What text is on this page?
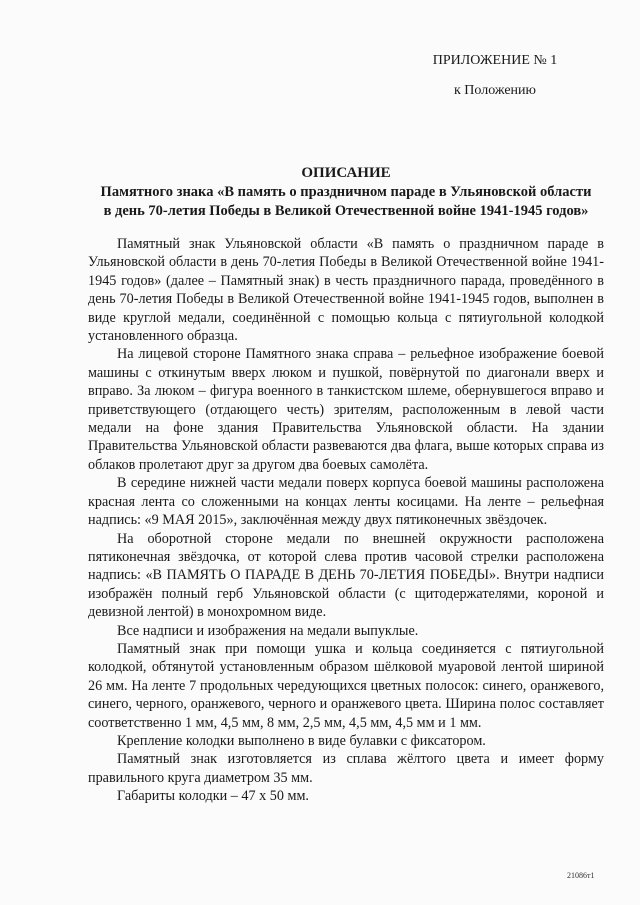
ПРИЛОЖЕНИЕ № 1
к Положению
ОПИСАНИЕ
Памятного знака «В память о праздничном параде в Ульяновской области
в день 70-летия Победы в Великой Отечественной войне 1941-1945 годов»

Памятный знак Ульяновской области «В память о праздничном параде в Ульяновской области в день 70-летия Победы в Великой Отечественной войне 1941-1945 годов» (далее – Памятный знак) в честь праздничного парада, проведённого в день 70-летия Победы в Великой Отечественной войне 1941-1945 годов, выполнен в виде круглой медали, соединённой с помощью кольца с пятиугольной колодкой установленного образца.

На лицевой стороне Памятного знака справа – рельефное изображение боевой машины с откинутым вверх люком и пушкой, повёрнутой по диагонали вверх и вправо. За люком – фигура военного в танкистском шлеме, обернувшегося вправо и приветствующего (отдающего честь) зрителям, расположенным в левой части медали на фоне здания Правительства Ульяновской области. На здании Правительства Ульяновской области развеваются два флага, выше которых справа из облаков пролетают друг за другом два боевых самолёта.

В середине нижней части медали поверх корпуса боевой машины расположена красная лента со сложенными на концах ленты косицами. На ленте – рельефная надпись: «9 МАЯ 2015», заключённая между двух пятиконечных звёздочек.

На оборотной стороне медали по внешней окружности расположена пятиконечная звёздочка, от которой слева против часовой стрелки расположена надпись: «В ПАМЯТЬ О ПАРАДЕ В ДЕНЬ 70-ЛЕТИЯ ПОБЕДЫ». Внутри надписи изображён полный герб Ульяновской области (с щитодержателями, короной и девизной лентой) в монохромном виде.

Все надписи и изображения на медали выпуклые.

Памятный знак при помощи ушка и кольца соединяется с пятиугольной колодкой, обтянутой установленным образом шёлковой муаровой лентой шириной 26 мм. На ленте 7 продольных чередующихся цветных полосок: синего, оранжевого, синего, черного, оранжевого, черного и оранжевого цвета. Ширина полос составляет соответственно 1 мм, 4,5 мм, 8 мм, 2,5 мм, 4,5 мм, 4,5 мм и 1 мм.

Крепление колодки выполнено в виде булавки с фиксатором.

Памятный знак изготовляется из сплава жёлтого цвета и имеет форму правильного круга диаметром 35 мм.

Габариты колодки – 47 х 50 мм.

21086т1
